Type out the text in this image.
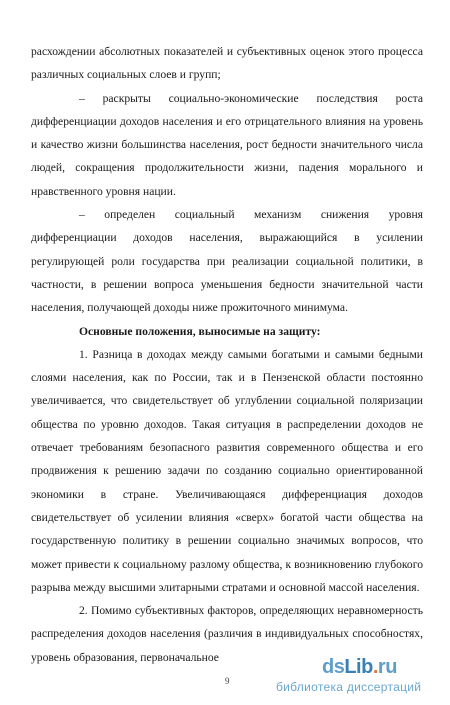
расхождении абсолютных показателей и субъективных оценок этого процесса различных социальных слоев и групп;

– раскрыты социально-экономические последствия роста дифференциации доходов населения и его отрицательного влияния на уровень и качество жизни большинства населения, рост бедности значительного числа людей, сокращения продолжительности жизни, падения морального и нравственного уровня нации.

– определен социальный механизм снижения уровня дифференциации доходов населения, выражающийся в усилении регулирующей роли государства при реализации социальной политики, в частности, в решении вопроса уменьшения бедности значительной части населения, получающей доходы ниже прожиточного минимума.

Основные положения, выносимые на защиту:

1. Разница в доходах между самыми богатыми и самыми бедными слоями населения, как по России, так и в Пензенской области постоянно увеличивается, что свидетельствует об углублении социальной поляризации общества по уровню доходов. Такая ситуация в распределении доходов не отвечает требованиям безопасного развития современного общества и его продвижения к решению задачи по созданию социально ориентированной экономики в стране. Увеличивающаяся дифференциация доходов свидетельствует об усилении влияния «сверх» богатой части общества на государственную политику в решении социально значимых вопросов, что может привести к социальному разлому общества, к возникновению глубокого разрыва между высшими элитарными стратами и основной массой населения.

2. Помимо субъективных факторов, определяющих неравномерность распределения доходов населения (различия в индивидуальных способностях, уровень образования, первоначальное

9
dsLib.ru
библиотека диссертаций
